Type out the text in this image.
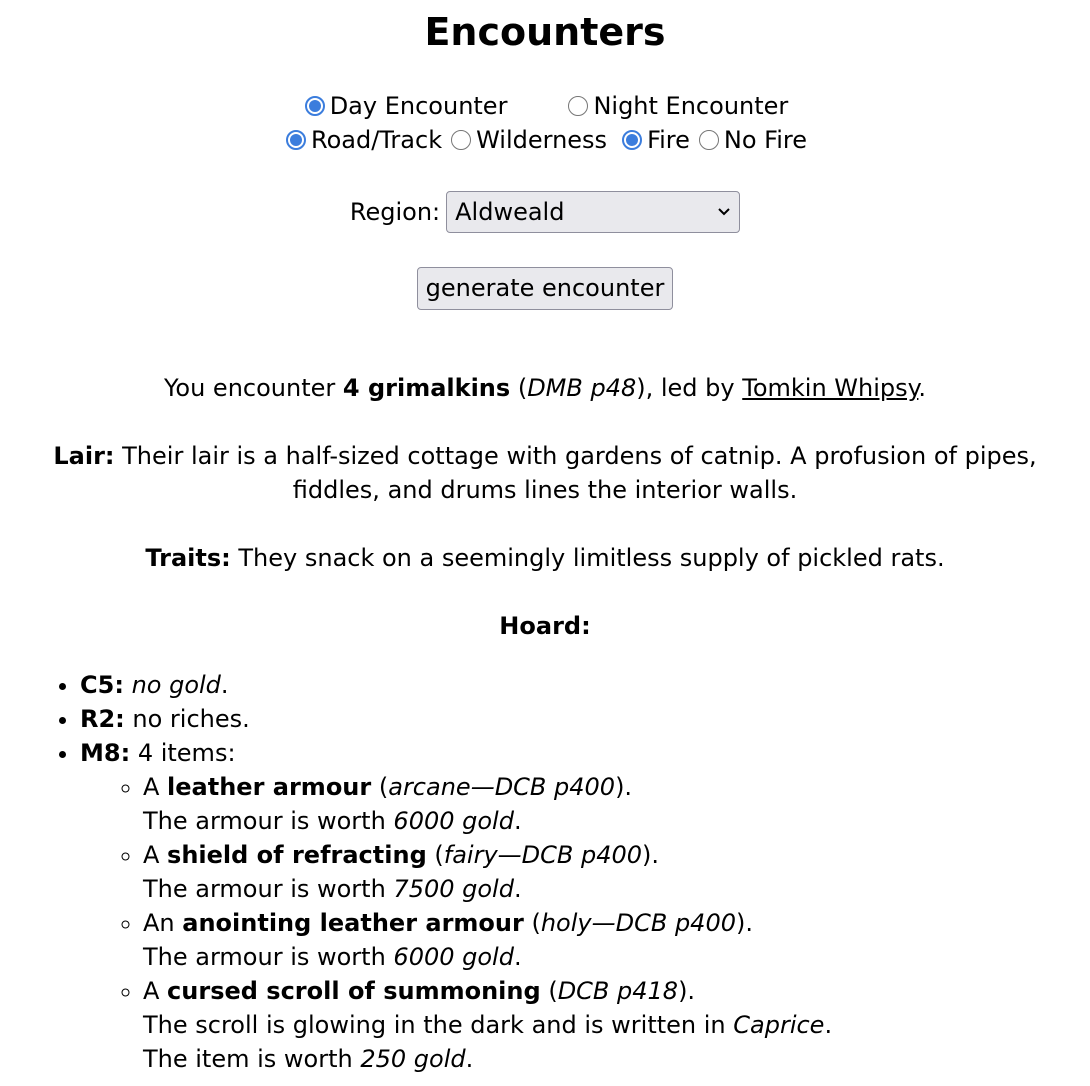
Encounters
Day Encounter	Night Encounter
Road/Track Wilderness Fire No Fire
Region: Aldweald
generate encounter

You encounter 4 grimalkins (DMB p48), led by Tomkin Whipsy.

Lair: Their lair is a half-sized cottage with gardens of catnip. A profusion of pipes, fiddles, and drums lines the interior walls.

Traits: They snack on a seemingly limitless supply of pickled rats.

Hoard:

• C5: no gold.
• R2: no riches.
• M8: 4 items:
◦ A leather armour (arcane—DCB p400).
The armour is worth 6000 gold.
◦ A shield of refracting (fairy—DCB p400).
The armour is worth 7500 gold.
◦ An anointing leather armour (holy—DCB p400).
The armour is worth 6000 gold.
◦ A cursed scroll of summoning (DCB p418).
The scroll is glowing in the dark and is written in Caprice.
The item is worth 250 gold.
